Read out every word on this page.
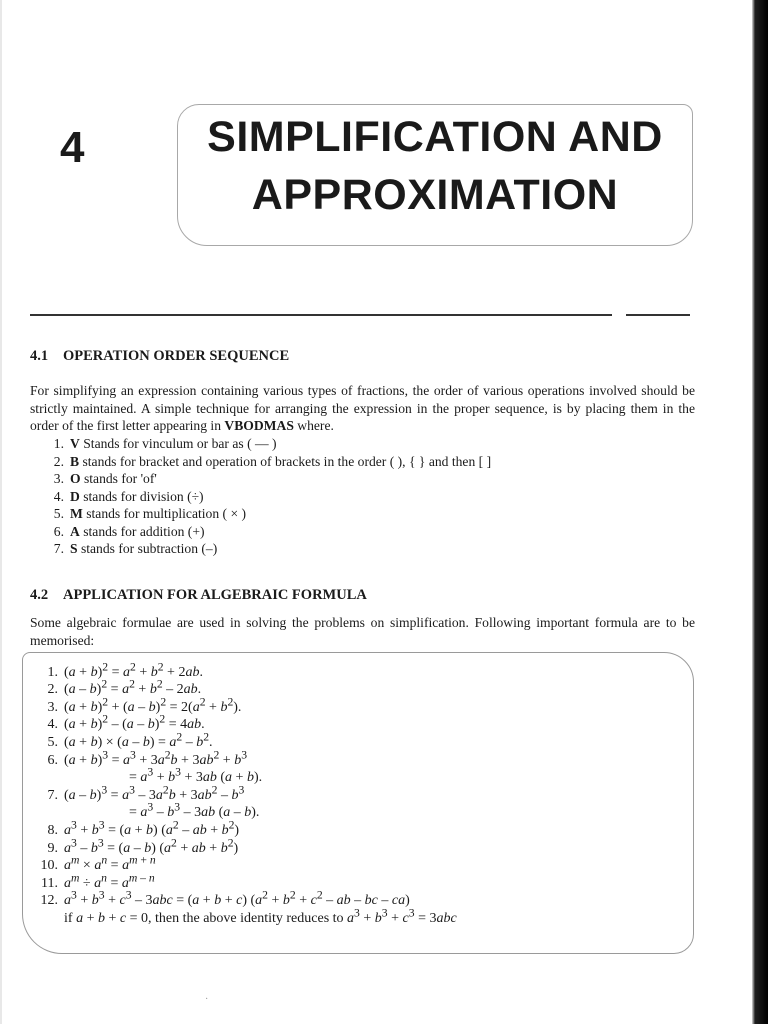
4	SIMPLIFICATION AND
APPROXIMATION
4.1 OPERATION ORDER SEQUENCE

For simplifying an expression containing various types of fractions, the order of various operations involved should be strictly maintained. A simple technique for arranging the expression in the proper sequence, is by placing them in the order of the first letter appearing in VBODMAS where.

1. V Stands for vinculum or bar as ( — )
2. B stands for bracket and operation of brackets in the order ( ), { } and then [ ]
3. O stands for 'of'
4. D stands for division (÷)
5. M stands for multiplication ( × )
6. A stands for addition (+)
7. S stands for subtraction (–)
4.2 APPLICATION FOR ALGEBRAIC FORMULA

Some algebraic formulae are used in solving the problems on simplification. Following important formula are to be memorised:

1. $(a + b)^2 = a^2 + b^2 + 2ab$.
2. $(a - b)^2 = a^2 + b^2 - 2ab$.
3. $(a + b)^2 + (a - b)^2 = 2(a^2 + b^2)$.
4. $(a + b)^2 - (a - b)^2 = 4ab$.
5. $(a + b) \times (a - b) = a^2 - b^2$.
6. $(a + b)^3 = a^3 + 3a^2b + 3ab^2 + b^3$
= $a^3 + b^3 + 3ab$ (a + b).
7. $(a - b)^3 = a^3 - 3a^2b + 3ab^2 - b^3$
= $a^3 - b^3 - 3ab$ (a – b).
8. $a^3 + b^3 = (a + b)$ ($a^2$ – ab + $b^2$)
9. $a^3 - b^3 = (a - b) (a^2$ + ab + $b^2$)
10. $a^m \times a^n = a^{m + n}$
11. $a^m \div a^n = a^{m - n}$
12. $a^3 + b^3 + c^3 - 3abc = (a + b + c) (a^2 + b^2 + c^2$ – ab – bc – ca)
if a + b + c = 0, then the above identity reduces to $a^3 + b^3 + c^3 = 3abc$
·
